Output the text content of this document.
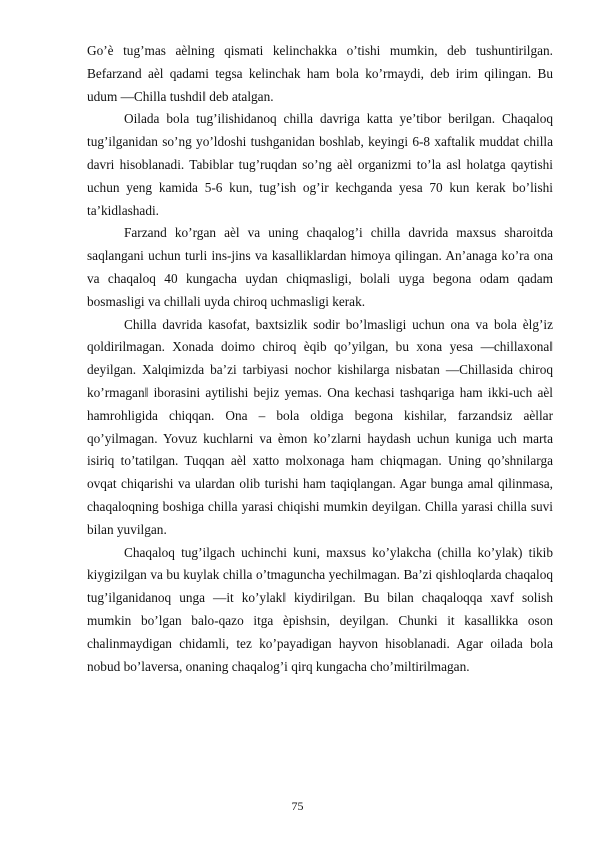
Go’è tug’mas aèlning qismati kelinchakka o’tishi mumkin, deb tushuntirilgan. Befarzand aèl qadami tegsa kelinchak ham bola ko’rmaydi, deb irim qilingan. Bu udum ―Chilla tushdi‖ deb atalgan.

Oilada bola tug’ilishidanoq chilla davriga katta ye’tibor berilgan. Chaqaloq tug’ilganidan so’ng yo’ldoshi tushganidan boshlab, keyingi 6-8 xaftalik muddat chilla davri hisoblanadi. Tabiblar tug’ruqdan so’ng aèl organizmi to’la asl holatga qaytishi uchun yeng kamida 5-6 kun, tug’ish og’ir kechganda yesa 70 kun kerak bo’lishi ta’kidlashadi.

Farzand ko’rgan aèl va uning chaqalog’i chilla davrida maxsus sharoitda saqlangani uchun turli ins-jins va kasalliklardan himoya qilingan. An’anaga ko’ra ona va chaqaloq 40 kungacha uydan chiqmasligi, bolali uyga begona odam qadam bosmasligi va chillali uyda chiroq uchmasligi kerak.

Chilla davrida kasofat, baxtsizlik sodir bo’lmasligi uchun ona va bola èlg’iz qoldirilmagan. Xonada doimo chiroq èqib qo’yilgan, bu xona yesa ―chillaxona‖ deyilgan. Xalqimizda ba’zi tarbiyasi nochor kishilarga nisbatan ―Chillasida chiroq ko’rmagan‖ iborasini aytilishi bejiz yemas. Ona kechasi tashqariga ham ikki-uch aèl hamrohligida chiqqan. Ona – bola oldiga begona kishilar, farzandsiz aèllar qo’yilmagan. Yovuz kuchlarni va èmon ko’zlarni haydash uchun kuniga uch marta isiriq to’tatilgan. Tuqqan aèl xatto molxonaga ham chiqmagan. Uning qo’shnilarga ovqat chiqarishi va ulardan olib turishi ham taqiqlangan. Agar bunga amal qilinmasa, chaqaloqning boshiga chilla yarasi chiqishi mumkin deyilgan. Chilla yarasi chilla suvi bilan yuvilgan.

Chaqaloq tug’ilgach uchinchi kuni, maxsus ko’ylakcha (chilla ko’ylak) tikib kiygizilgan va bu kuylak chilla o’tmaguncha yechilmagan. Ba’zi qishloqlarda chaqaloq tug’ilganidanoq unga ―it ko’ylak‖ kiydirilgan. Bu bilan chaqaloqqa xavf solish mumkin bo’lgan balo-qazo itga èpishsin, deyilgan. Chunki it kasallikka oson chalinmaydigan chidamli, tez ko’payadigan hayvon hisoblanadi. Agar oilada bola nobud bo’laversa, onaning chaqalog’i qirq kungacha cho’miltirilmagan.

75
